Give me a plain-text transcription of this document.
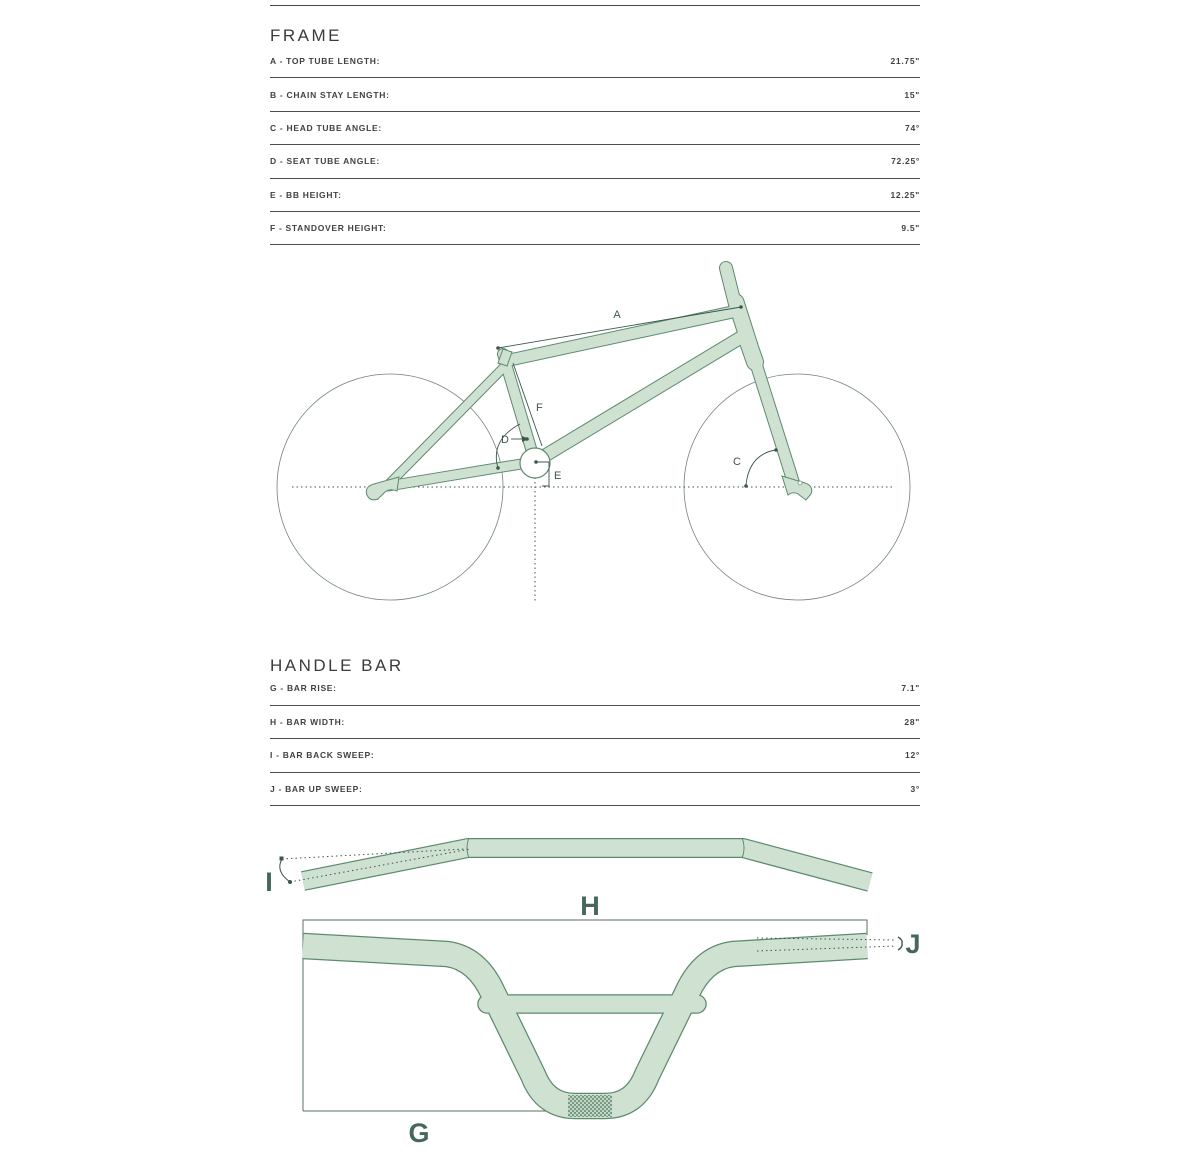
FRAME
A - TOP TUBE LENGTH:	21.75"
B - CHAIN STAY LENGTH:	15"
C - HEAD TUBE ANGLE:	74°
D - SEAT TUBE ANGLE:	72.25°
E - BB HEIGHT:	12.25"
F - STANDOVER HEIGHT:	9.5"
A
F
D
E
C
HANDLE BAR
G - BAR RISE:	7.1"
H - BAR WIDTH:	28"
I - BAR BACK SWEEP:	12°
J - BAR UP SWEEP:	3°
I
H
J
G
